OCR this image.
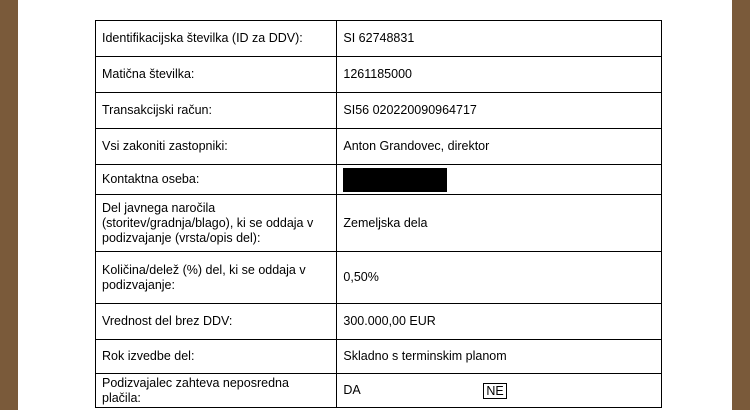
Identifikacijska številka (ID za DDV):	SI 62748831
Matična številka:	1261185000
Transakcijski račun:	SI56 020220090964717
Vsi zakoniti zastopniki:	Anton Grandovec, direktor
Kontaktna oseba:	
Del javnega naročila (storitev/gradnja/blago), ki se oddaja v podizvajanje (vrsta/opis del):	Zemeljska dela
Količina/delež (%) del, ki se oddaja v podizvajanje:	0,50%
Vrednost del brez DDV:	300.000,00 EUR
Rok izvedbe del:	Skladno s terminskim planom
Podizvajalec zahteva neposredna plačila:	DA NE
